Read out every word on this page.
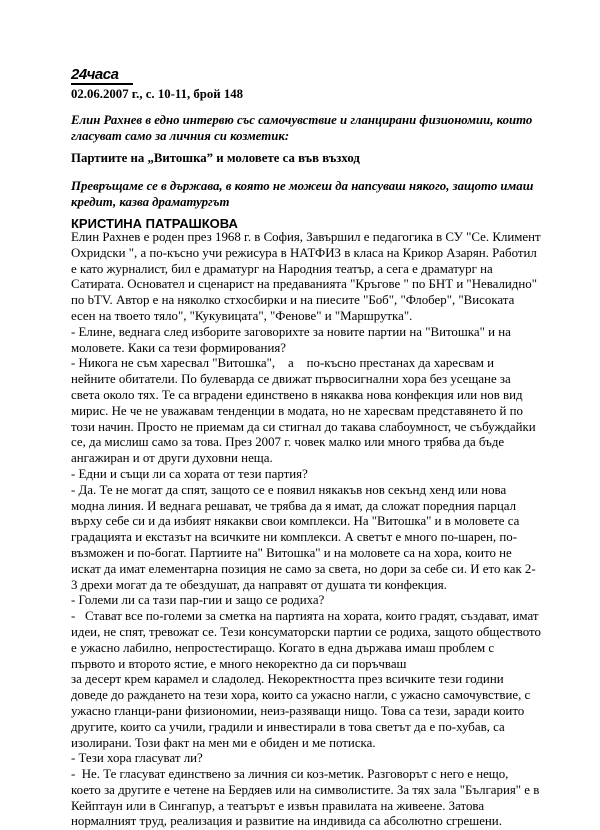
24часа
02.06.2007 г., с. 10-11, брой 148
Елин Рахнев в едно интервю със самочувствие и гланцирани физиономии, които гласуват само за личния си козметик:
Партиите на „Витошка” и моловете са във възход
Превръщаме се в държава, в която не можеш да напсуваш някого, защото имаш кредит, казва драматургът
КРИСТИНА ПАТРАШКОВА

Елин Рахнев е роден през 1968 г. в София, Завършил е педагогика в СУ "Се. Климент Охридски ", а по-късно учи режисура в НАТФИЗ в класа на Крикор Азарян. Работил е като журналист, бил е драматург на Народния театър, а сега е драматург на Сатирата. Основател и сценарист на предаванията "Кръгове " по БНТ и "Невалидно" по bTV. Автор е на няколко стхосбирки и на пиесите "Боб", "Флобер", "Високата есен на твоето тяло", "Кукувицата", "Фенове" и "Маршрутка".

- Елине, веднага след изборите заговорихте за новите партии на "Витошка" и на моловете. Каки са тези формирования?

- Никога не съм харесвал "Витошка",    а    по-късно престанах да харесвам и нейните обитатели. По булеварда се движат първосигнални хора без усещане за света около тях. Те са вградени единствено в някаква нова конфекция или нов вид мирис. Не че не уважавам тенденции в модата, но не харесвам представянето й по този начин. Просто не приемам да си стигнал до такава слабоумност, че събуждайки се, да мислиш само за това. През 2007 г. човек малко или много трябва да бъде ангажиран и от други духовни неща.

- Едни и същи ли са хората от тези партия?

- Да. Те не могат да спят, защото се е появил някакъв нов секънд хенд или нова модна линия. И веднага решават, че трябва да я имат, да сложат поредния парцал   върху себе си и да избият някакви свои комплекси. На "Витошка" и в моловете са градацията и екстазът на всичките ни комплекси. А светът е много по-шарен, по-възможен и по-богат. Партиите на" Витошка" и на моловете са на хора, които не искат да имат елементарна позиция не само за света, но дори за себе си. И ето как 2-3 дрехи могат да те обездушат, да направят от душата ти конфекция.

- Големи ли са тази пар-гии и защо се родиха?

-   Стават все по-големи за сметка на партията на хората, които градят, създават, имат идеи, не спят, тревожат се. Тези консуматорски партии се родиха, защото обществото е ужасно лабилно, непростестиращо. Когато в една държава имаш проблем с първото и второто ястие, е много некоректно да си поръчваш

за десерт крем карамел и сладолед. Некоректността през всичките тези години доведе до раждането на тези хора, които са ужасно нагли, с ужасно самочувствие, с ужасно гланци-рани физиономии, неиз-разяващи нищо. Това са тези, заради които другите, които са учили, градили и инвестирали в това светът да е по-хубав, са изолирани. Този факт на мен ми е обиден и ме потиска.

- Тези хора гласуват ли?

-  Не. Те гласуват единствено за личния си коз-метик. Разговорът с него е нещо, което за другите е четене на Бердяев или на символистите. За тях зала "България" е в Кейптаун или в Сингапур, а театърът е извън правилата на живеене. Затова нормалният труд, реализация и развитие на индивида са абсолютно сгрешени.
